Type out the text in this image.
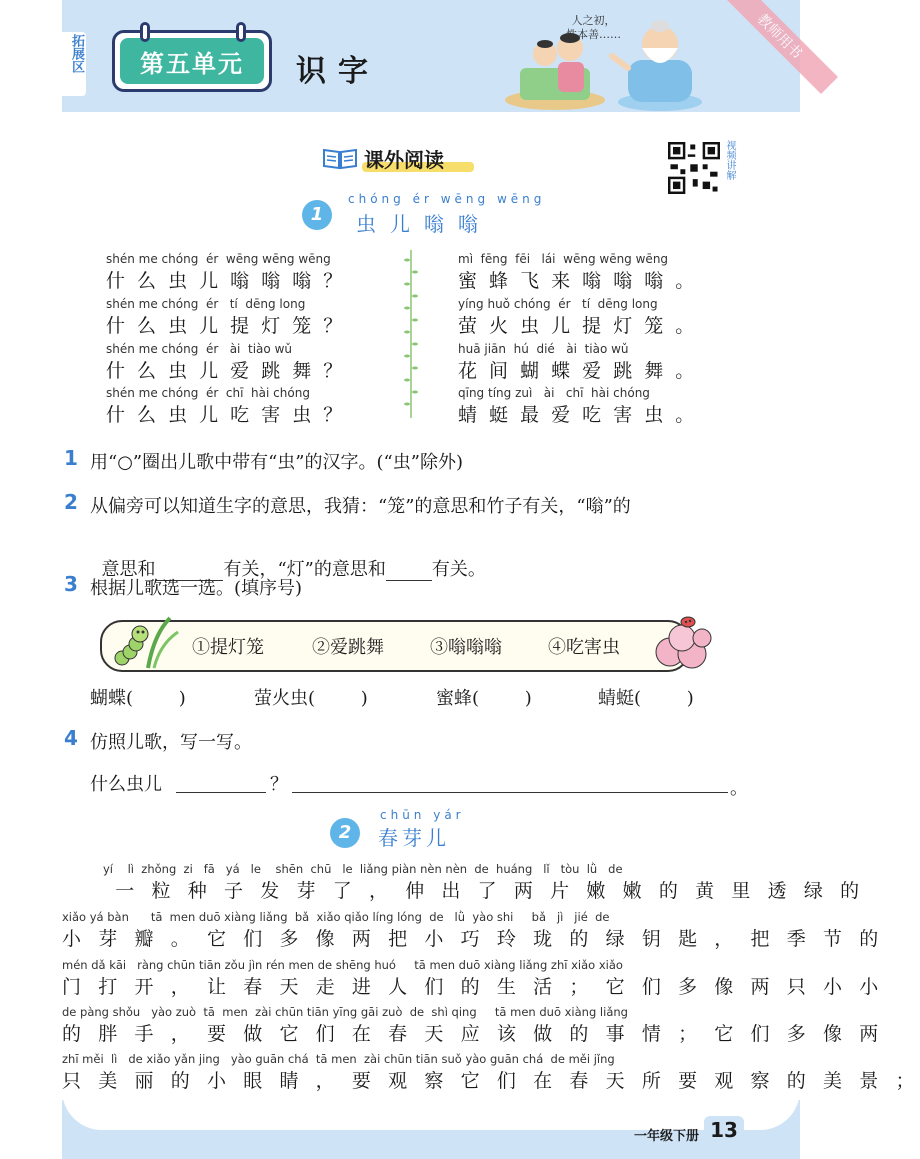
拓展区	第五单元	识字
人之初，
性本善……	教师用书
课外阅读	视频讲解
1
chóng ér wēng wēng
虫儿嗡嗡
shén me chóng  ér  wēng wēng wēng
什 么 虫 儿 嗡 嗡 嗡 ？
shén me chóng  ér   tí  dēng long
什 么 虫 儿 提 灯 笼 ？
shén me chóng  ér   ài  tiào wǔ
什 么 虫 儿 爱 跳 舞 ？
shén me chóng  ér  chī  hài chóng
什 么 虫 儿 吃 害 虫 ？
mì  fēng  fēi   lái  wēng wēng wēng
蜜 蜂 飞 来 嗡 嗡 嗡 。
yíng huǒ chóng  ér   tí  dēng long
萤 火 虫 儿 提 灯 笼 。
huā jiān  hú  dié   ài  tiào wǔ
花 间 蝴 蝶 爱 跳 舞 。
qīng tíng zuì   ài   chī  hài chóng
蜻 蜓 最 爱 吃 害 虫 。
1 用“○”圈出儿歌中带有“虫”的汉字。(“虫”除外)
2 从偏旁可以知道生字的意思，我猜：“笼”的意思和竹子有关，“嗡”的

意思和	有关，“灯”的意思和	有关。

3 根据儿歌选一选。(填序号)
①提灯笼	②爱跳舞	③嗡嗡嗡	④吃害虫
蝴蝶(        )	萤火虫(        )	蜜蜂(        )	蜻蜓(        )
4 仿照儿歌，写一写。
什么虫儿	？	。
2
chūn yár
春芽儿
yí    lì  zhǒng  zi   fā   yá   le    shēn  chū   le  liǎng piàn nèn nèn  de  huáng   lǐ   tòu  lǜ   de
一 粒 种 子 发 芽 了 ， 伸 出 了 两 片 嫩 嫩 的 黄 里 透 绿 的
xiǎo yá bàn      tā  men duō xiàng liǎng  bǎ  xiǎo qiǎo líng lóng  de   lǜ  yào shi     bǎ   jì   jié  de
小 芽 瓣 。 它 们 多 像 两 把 小 巧 玲 珑 的 绿 钥 匙 ， 把 季 节 的
mén dǎ kāi   ràng chūn tiān zǒu jìn rén men de shēng huó     tā men duō xiàng liǎng zhī xiǎo xiǎo
门 打 开 ， 让 春 天 走 进 人 们 的 生 活 ； 它 们 多 像 两 只 小 小
de pàng shǒu   yào zuò  tā  men  zài chūn tiān yīng gāi zuò  de  shì qing     tā men duō xiàng liǎng
的 胖 手 ， 要 做 它 们 在 春 天 应 该 做 的 事 情 ； 它 们 多 像 两
zhī měi  lì   de xiǎo yǎn jing   yào guān chá  tā men  zài chūn tiān suǒ yào guān chá  de měi jǐng
只 美 丽 的 小 眼 睛 ， 要 观 察 它 们 在 春 天 所 要 观 察 的 美 景 ；
一年级下册 13
